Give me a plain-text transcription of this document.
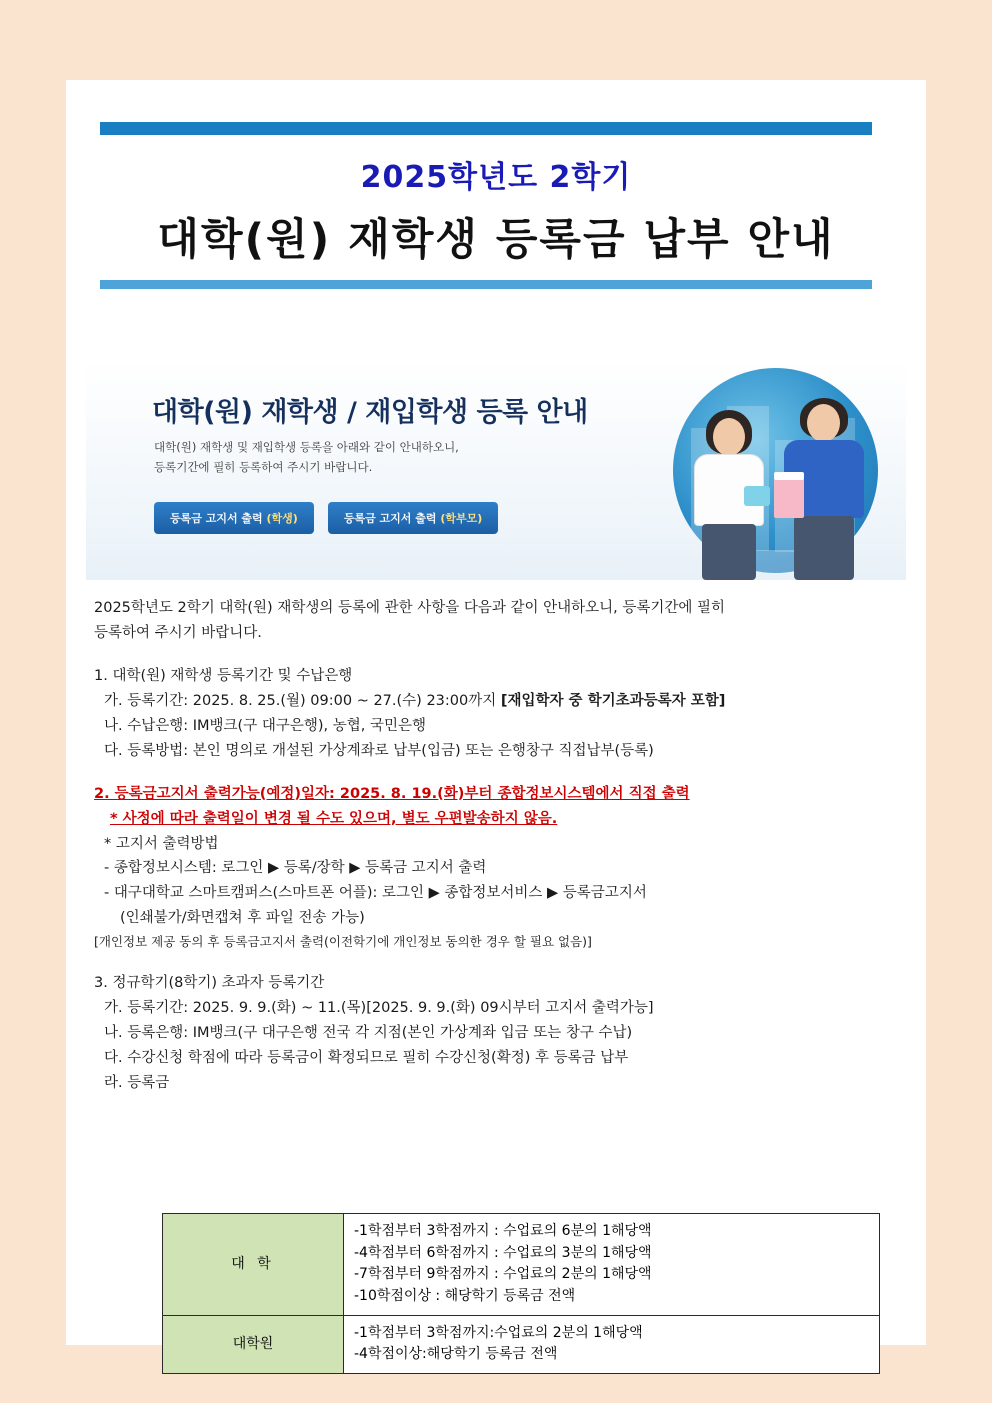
2025학년도 2학기
대학(원) 재학생 등록금 납부 안내
대학(원) 재학생 / 재입학생 등록 안내
대학(원) 재학생 및 재입학생 등록을 아래와 같이 안내하오니,
등록기간에 필히 등록하여 주시기 바랍니다.
등록금 고지서 출력 (학생)	등록금 고지서 출력 (학부모)
2025학년도 2학기 대학(원) 재학생의 등록에 관한 사항을 다음과 같이 안내하오니, 등록기간에 필히
등록하여 주시기 바랍니다.
1. 대학(원) 재학생 등록기간 및 수납은행
가. 등록기간: 2025. 8. 25.(월) 09:00 ~ 27.(수) 23:00까지 [재입학자 중 학기초과등록자 포함]
나. 수납은행: IM뱅크(구 대구은행), 농협, 국민은행
다. 등록방법: 본인 명의로 개설된 가상계좌로 납부(입금) 또는 은행창구 직접납부(등록)
2. 등록금고지서 출력가능(예정)일자: 2025. 8. 19.(화)부터 종합정보시스템에서 직접 출력
* 사정에 따라 출력일이 변경 될 수도 있으며, 별도 우편발송하지 않음.
* 고지서 출력방법
- 종합정보시스템: 로그인 ▶ 등록/장학 ▶ 등록금 고지서 출력
- 대구대학교 스마트캠퍼스(스마트폰 어플): 로그인 ▶ 종합정보서비스 ▶ 등록금고지서
(인쇄불가/화면캡쳐 후 파일 전송 가능)
[개인정보 제공 동의 후 등록금고지서 출력(이전학기에 개인정보 동의한 경우 할 필요 없음)]
3. 정규학기(8학기) 초과자 등록기간
가. 등록기간: 2025. 9. 9.(화) ~ 11.(목)[2025. 9. 9.(화) 09시부터 고지서 출력가능]
나. 등록은행: IM뱅크(구 대구은행 전국 각 지점(본인 가상계좌 입금 또는 창구 수납)
다. 수강신청 학점에 따라 등록금이 확정되므로 필히 수강신청(확정) 후 등록금 납부
라. 등록금
대 학	-1학점부터 3학점까지 : 수업료의 6분의 1해당액
-4학점부터 6학점까지 : 수업료의 3분의 1해당액
-7학점부터 9학점까지 : 수업료의 2분의 1해당액
-10학점이상 : 해당학기 등록금 전액

대학원	-1학점부터 3학점까지:수업료의 2분의 1해당액
-4학점이상:해당학기 등록금 전액
